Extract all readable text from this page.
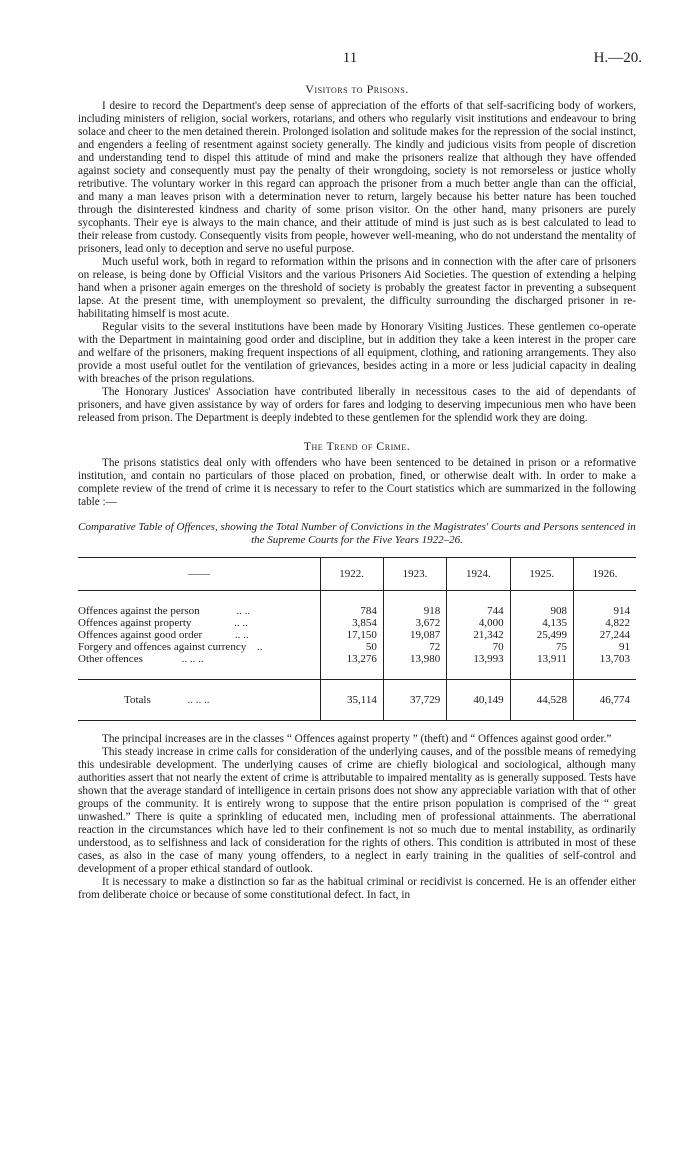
11	H.—20.
Visitors to Prisons.

I desire to record the Department's deep sense of appreciation of the efforts of that self-sacrificing body of workers, including ministers of religion, social workers, rotarians, and others who regularly visit institutions and endeavour to bring solace and cheer to the men detained therein. Prolonged isolation and solitude makes for the repression of the social instinct, and engenders a feeling of resentment against society generally. The kindly and judicious visits from people of discretion and understanding tend to dispel this attitude of mind and make the prisoners realize that although they have offended against society and consequently must pay the penalty of their wrongdoing, society is not remorseless or justice wholly retributive. The voluntary worker in this regard can approach the prisoner from a much better angle than can the official, and many a man leaves prison with a determination never to return, largely because his better nature has been touched through the disinterested kindness and charity of some prison visitor. On the other hand, many prisoners are purely sycophants. Their eye is always to the main chance, and their attitude of mind is just such as is best calculated to lead to their release from custody. Consequently visits from people, however well-meaning, who do not understand the mentality of prisoners, lead only to deception and serve no useful purpose.

Much useful work, both in regard to reformation within the prisons and in connection with the after care of prisoners on release, is being done by Official Visitors and the various Prisoners Aid Societies. The question of extending a helping hand when a prisoner again emerges on the threshold of society is probably the greatest factor in preventing a subsequent lapse. At the present time, with unemployment so prevalent, the difficulty surrounding the discharged prisoner in re-habilitating himself is most acute.

Regular visits to the several institutions have been made by Honorary Visiting Justices. These gentlemen co-operate with the Department in maintaining good order and discipline, but in addition they take a keen interest in the proper care and welfare of the prisoners, making frequent inspections of all equipment, clothing, and rationing arrangements. They also provide a most useful outlet for the ventilation of grievances, besides acting in a more or less judicial capacity in dealing with breaches of the prison regulations.

The Honorary Justices' Association have contributed liberally in necessitous cases to the aid of dependants of prisoners, and have given assistance by way of orders for fares and lodging to deserving impecunious men who have been released from prison. The Department is deeply indebted to these gentlemen for the splendid work they are doing.

The Trend of Crime.

The prisons statistics deal only with offenders who have been sentenced to be detained in prison or a reformative institution, and contain no particulars of those placed on probation, fined, or otherwise dealt with. In order to make a complete review of the trend of crime it is necessary to refer to the Court statistics which are summarized in the following table :—

Comparative Table of Offences, showing the Total Number of Convictions in the Magistrates' Courts and Persons sentenced in the Supreme Courts for the Five Years 1922–26.
——	1922.	1923.	1924.	1925.	1926.

Offences against the person .. ..	784	918	744	908	914
Offences against property .. ..	3,854	3,672	4,000	4,135	4,822
Offences against good order .. ..	17,150	19,087	21,342	25,499	27,244
Forgery and offences against currency ..	50	72	70	75	91
Other offences .. .. ..	13,276	13,980	13,993	13,911	13,703

Totals .. .. ..	35,114	37,729	40,149	44,528	46,774

The principal increases are in the classes “ Offences against property ” (theft) and “ Offences against good order.”

This steady increase in crime calls for consideration of the underlying causes, and of the possible means of remedying this undesirable development. The underlying causes of crime are chiefly biological and sociological, although many authorities assert that not nearly the extent of crime is attributable to impaired mentality as is generally supposed. Tests have shown that the average standard of intelligence in certain prisons does not show any appreciable variation with that of other groups of the community. It is entirely wrong to suppose that the entire prison population is comprised of the “ great unwashed.” There is quite a sprinkling of educated men, including men of professional attainments. The aberrational reaction in the circumstances which have led to their confinement is not so much due to mental instability, as ordinarily understood, as to selfishness and lack of consideration for the rights of others. This condition is attributed in most of these cases, as also in the case of many young offenders, to a neglect in early training in the qualities of self-control and development of a proper ethical standard of outlook.

It is necessary to make a distinction so far as the habitual criminal or recidivist is concerned. He is an offender either from deliberate choice or because of some constitutional defect. In fact, in
